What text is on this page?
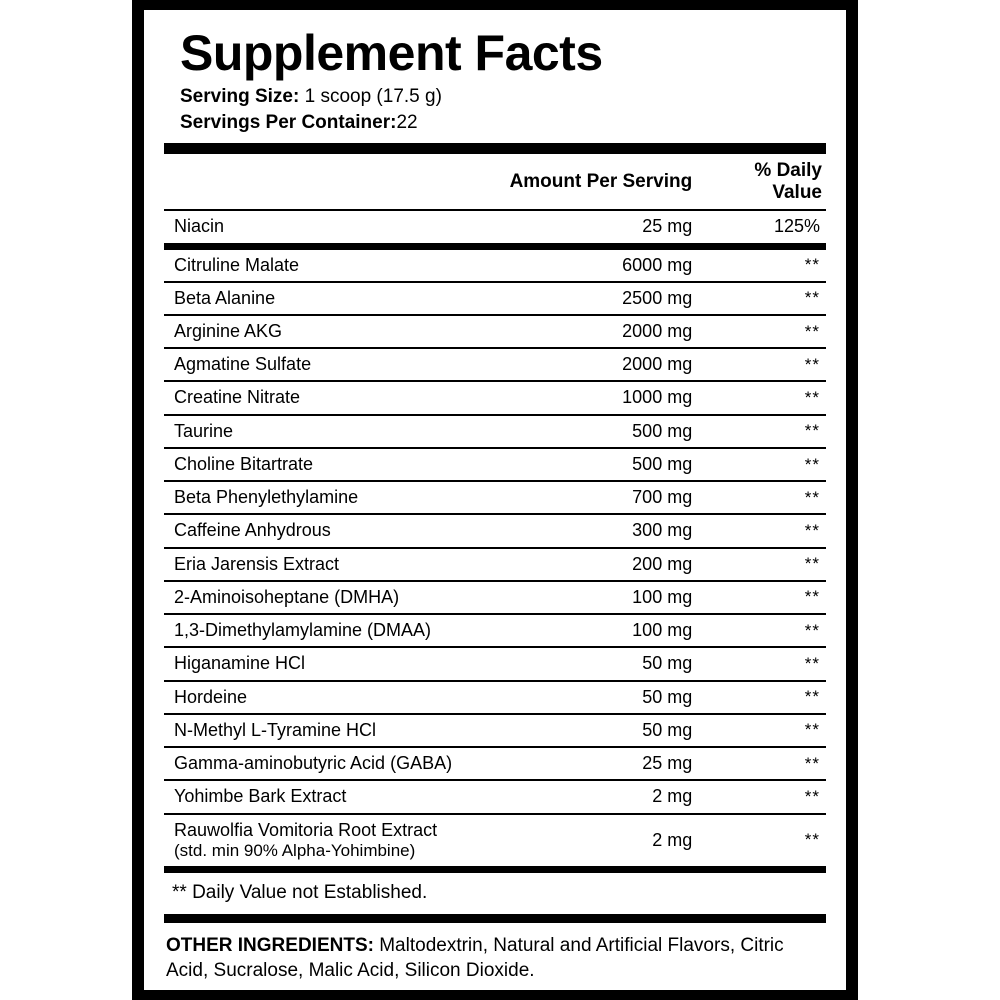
Supplement Facts
Serving Size: 1 scoop (17.5 g)
Servings Per Container:22
	Amount Per Serving	% Daily Value
Niacin	25 mg	125%
Citruline Malate	6000 mg	**
Beta Alanine	2500 mg	**
Arginine AKG	2000 mg	**
Agmatine Sulfate	2000 mg	**
Creatine Nitrate	1000 mg	**
Taurine	500 mg	**
Choline Bitartrate	500 mg	**
Beta Phenylethylamine	700 mg	**
Caffeine Anhydrous	300 mg	**
Eria Jarensis Extract	200 mg	**
2-Aminoisoheptane (DMHA)	100 mg	**
1,3-Dimethylamylamine (DMAA)	100 mg	**
Higanamine HCl	50 mg	**
Hordeine	50 mg	**
N-Methyl L-Tyramine HCl	50 mg	**
Gamma-aminobutyric Acid (GABA)	25 mg	**
Yohimbe Bark Extract	2 mg	**
Rauwolfia Vomitoria Root Extract
(std. min 90% Alpha-Yohimbine)	2 mg	**
** Daily Value not Established.
OTHER INGREDIENTS: Maltodextrin, Natural and Artificial Flavors, Citric Acid, Sucralose, Malic Acid, Silicon Dioxide.
